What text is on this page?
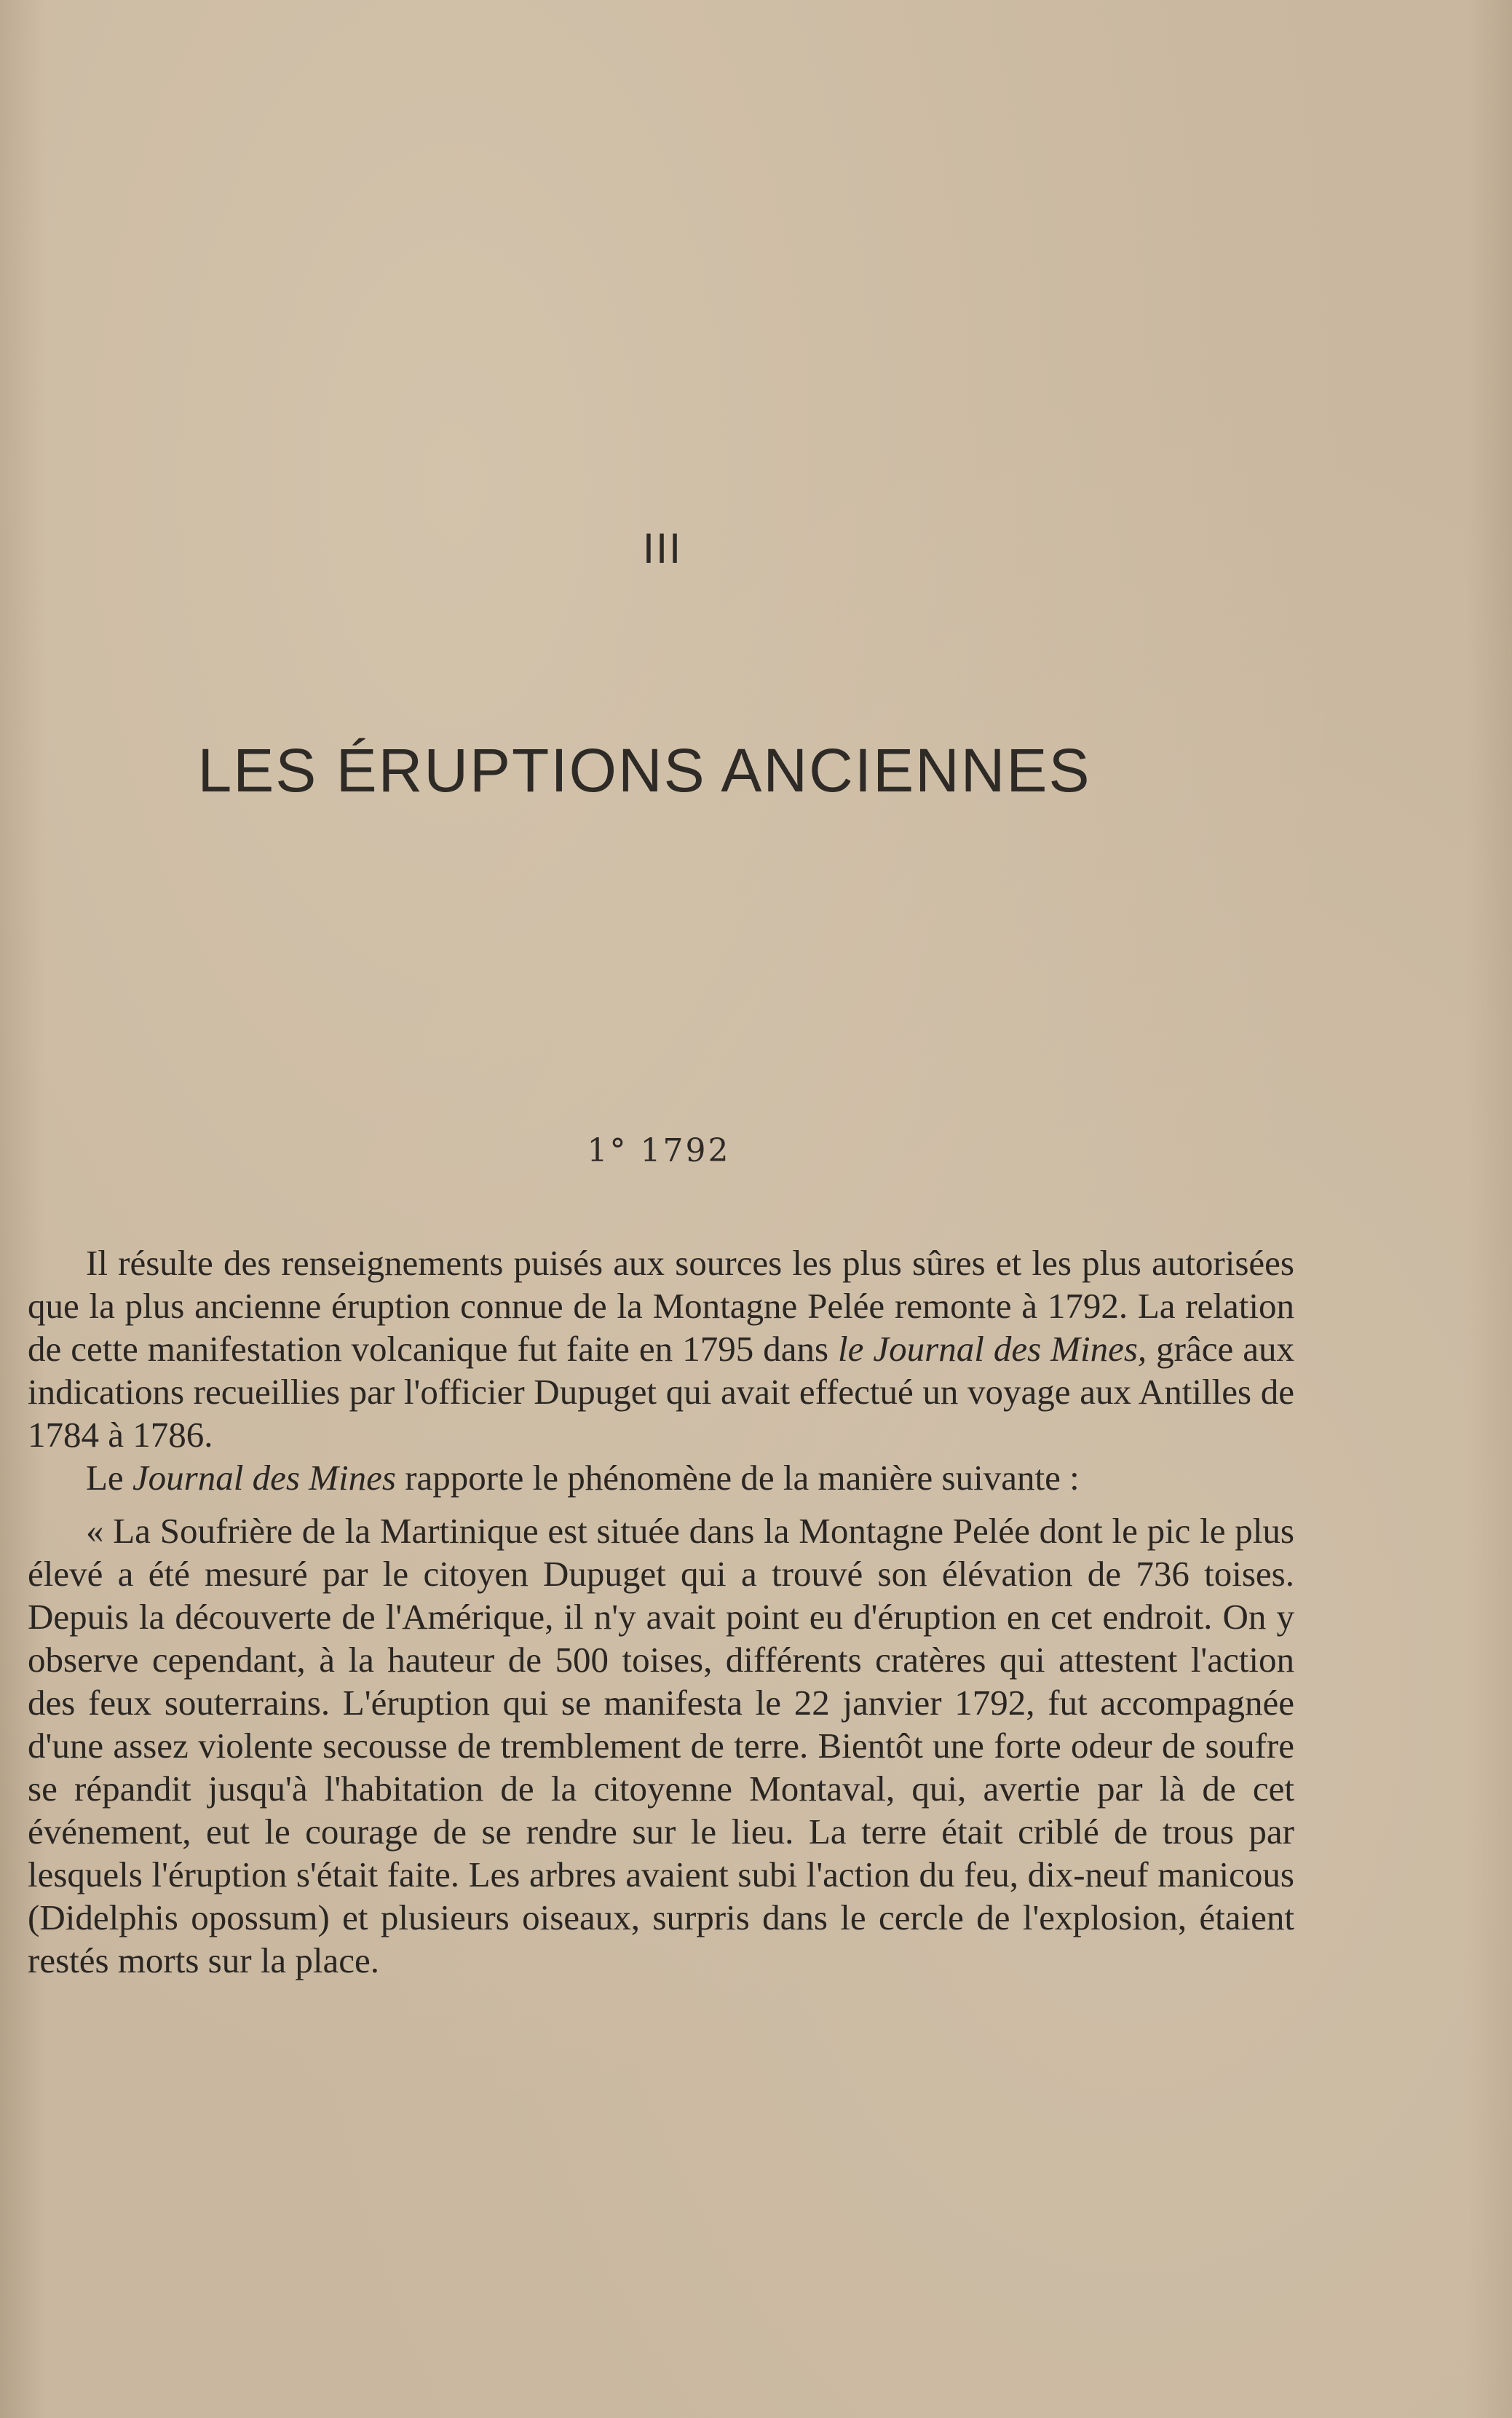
III
LES ÉRUPTIONS ANCIENNES
1° 1792

Il résulte des renseignements puisés aux sources les plus sûres et les plus autorisées que la plus ancienne éruption connue de la Montagne Pelée remonte à 1792. La relation de cette manifestation volcanique fut faite en 1795 dans le Journal des Mines, grâce aux indications recueillies par l'officier Dupuget qui avait effectué un voyage aux Antilles de 1784 à 1786.

Le Journal des Mines rapporte le phénomène de la manière suivante :

« La Soufrière de la Martinique est située dans la Montagne Pelée dont le pic le plus élevé a été mesuré par le citoyen Dupuget qui a trouvé son élévation de 736 toises. Depuis la découverte de l'Amérique, il n'y avait point eu d'éruption en cet endroit. On y observe cependant, à la hauteur de 500 toises, différents cratères qui attestent l'action des feux souterrains. L'éruption qui se manifesta le 22 janvier 1792, fut accompagnée d'une assez violente secousse de tremblement de terre. Bientôt une forte odeur de soufre se répandit jusqu'à l'habitation de la citoyenne Montaval, qui, avertie par là de cet événement, eut le courage de se rendre sur le lieu. La terre était criblé de trous par lesquels l'éruption s'était faite. Les arbres avaient subi l'action du feu, dix-neuf manicous (Didelphis opossum) et plusieurs oiseaux, surpris dans le cercle de l'explosion, étaient restés morts sur la place.
